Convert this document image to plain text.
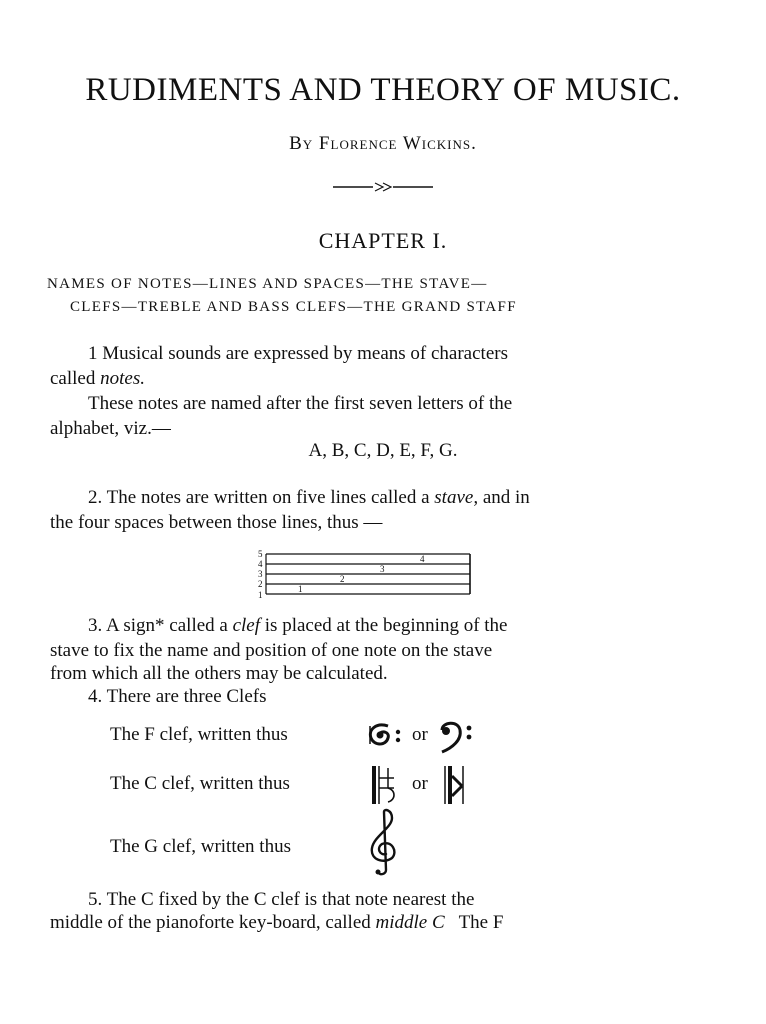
RUDIMENTS AND THEORY OF MUSIC.
By Florence Wickins.
CHAPTER I.
NAMES OF NOTES—LINES AND SPACES—THE STAVE—
CLEFS—TREBLE AND BASS CLEFS—THE GRAND STAFF
1 Musical sounds are expressed by means of characters
called notes.
These notes are named after the first seven letters of the
alphabet, viz.—
A, B, C, D, E, F, G.
2. The notes are written on five lines called a stave, and in
the four spaces between those lines, thus —
5
4
3
2
1
1
2
3
4
3. A sign* called a clef is placed at the beginning of the
stave to fix the name and position of one note on the stave
from which all the others may be calculated.
4. There are three Clefs
The F clef, written thus	or
The C clef, written thus	or
The G clef, written thus
5. The C fixed by the C clef is that note nearest the
middle of the pianoforte key-board, called middle C   The F
